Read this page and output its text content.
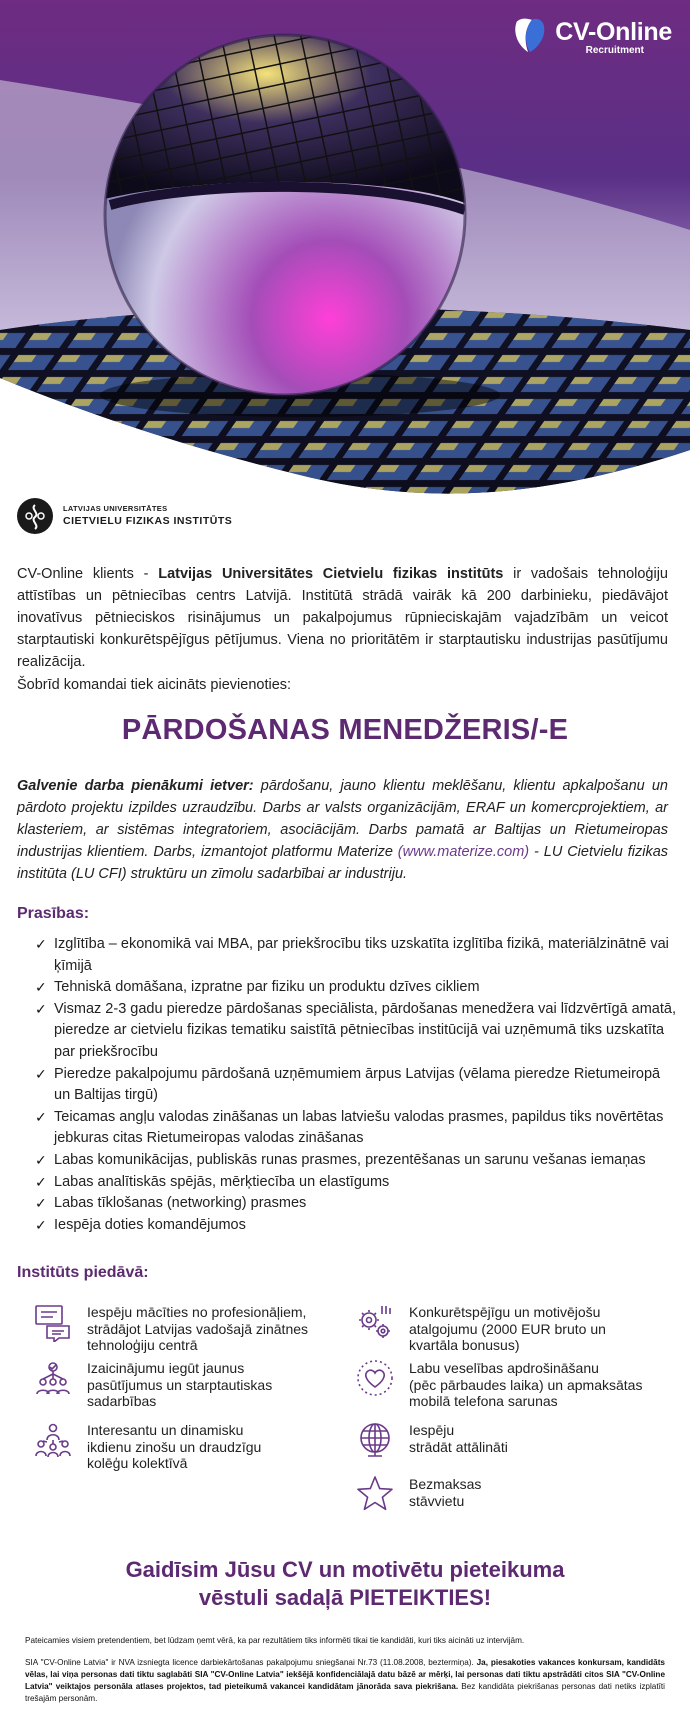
CV-Online
Recruitment
LATVIJAS UNIVERSITĀTES
CIETVIELU FIZIKAS INSTITŪTS
CV-Online klients - Latvijas Universitātes Cietvielu fizikas institūts ir vadošais tehnoloģiju attīstības un pētniecības centrs Latvijā. Institūtā strādā vairāk kā 200 darbinieku, piedāvājot inovatīvus pētnieciskos risinājumus un pakalpojumus rūpnieciskajām vajadzībām un veicot starptautiski konkurētspējīgus pētījumus. Viena no prioritātēm ir starptautisku industrijas pasūtījumu realizācija.
Šobrīd komandai tiek aicināts pievienoties:
PĀRDOŠANAS MENEDŽERIS/-E
Galvenie darba pienākumi ietver: pārdošanu, jauno klientu meklēšanu, klientu apkalpošanu un pārdoto projektu izpildes uzraudzību. Darbs ar valsts organizācijām, ERAF un komercprojektiem, ar klasteriem, ar sistēmas integratoriem, asociācijām. Darbs pamatā ar Baltijas un Rietumeiropas industrijas klientiem. Darbs, izmantojot platformu Materize (www.materize.com) - LU Cietvielu fizikas institūta (LU CFI) struktūru un zīmolu sadarbībai ar industriju.
Prasības:
✓ Izglītība – ekonomikā vai MBA, par priekšrocību tiks uzskatīta izglītība fizikā, materiālzinātnē vai ķīmijā
✓ Tehniskā domāšana, izpratne par fiziku un produktu dzīves cikliem
✓ Vismaz 2-3 gadu pieredze pārdošanas speciālista, pārdošanas menedžera vai līdzvērtīgā amatā, pieredze ar cietvielu fizikas tematiku saistītā pētniecības institūcijā vai uzņēmumā tiks uzskatīta par priekšrocību
✓ Pieredze pakalpojumu pārdošanā uzņēmumiem ārpus Latvijas (vēlama pieredze Rietumeiropā un Baltijas tirgū)
✓ Teicamas angļu valodas zināšanas un labas latviešu valodas prasmes, papildus tiks novērtētas jebkuras citas Rietumeiropas valodas zināšanas
✓ Labas komunikācijas, publiskās runas prasmes, prezentēšanas un sarunu vešanas iemaņas
✓ Labas analītiskās spējās, mērķtiecība un elastīgums
✓ Labas tīklošanas (networking) prasmes
✓ Iespēja doties komandējumos
Institūts piedāvā:
Iespēju mācīties no profesionāļiem,
strādājot Latvijas vadošajā zinātnes
tehnoloģiju centrā
Konkurētspējīgu un motivējošu
atalgojumu (2000 EUR bruto un
kvartāla bonusus)
Izaicinājumu iegūt jaunus
pasūtījumus un starptautiskas
sadarbības
Labu veselības apdrošināšanu
(pēc pārbaudes laika) un apmaksātas
mobilā telefona sarunas
Interesantu un dinamisku
ikdienu zinošu un draudzīgu
kolēģu kolektīvā
Iespēju
strādāt attālināti
Bezmaksas
stāvvietu
Gaidīsim Jūsu CV un motivētu pieteikuma
vēstuli sadaļā PIETEIKTIES!
Pateicamies visiem pretendentiem, bet lūdzam ņemt vērā, ka par rezultātiem tiks informēti tikai tie kandidāti, kuri tiks aicināti uz intervijām.
SIA "CV-Online Latvia" ir NVA izsniegta licence darbiekārtošanas pakalpojumu sniegšanai Nr.73 (11.08.2008, beztermiņa). Ja, piesakoties vakances konkursam, kandidāts vēlas, lai viņa personas dati tiktu saglabāti SIA "CV-Online Latvia" iekšējā konfidenciālajā datu bāzē ar mērķi, lai personas dati tiktu apstrādāti citos SIA "CV-Online Latvia" veiktajos personāla atlases projektos, tad pieteikumā vakancei kandidātam jānorāda sava piekrišana. Bez kandidāta piekrišanas personas dati netiks izplatīti trešajām personām.
